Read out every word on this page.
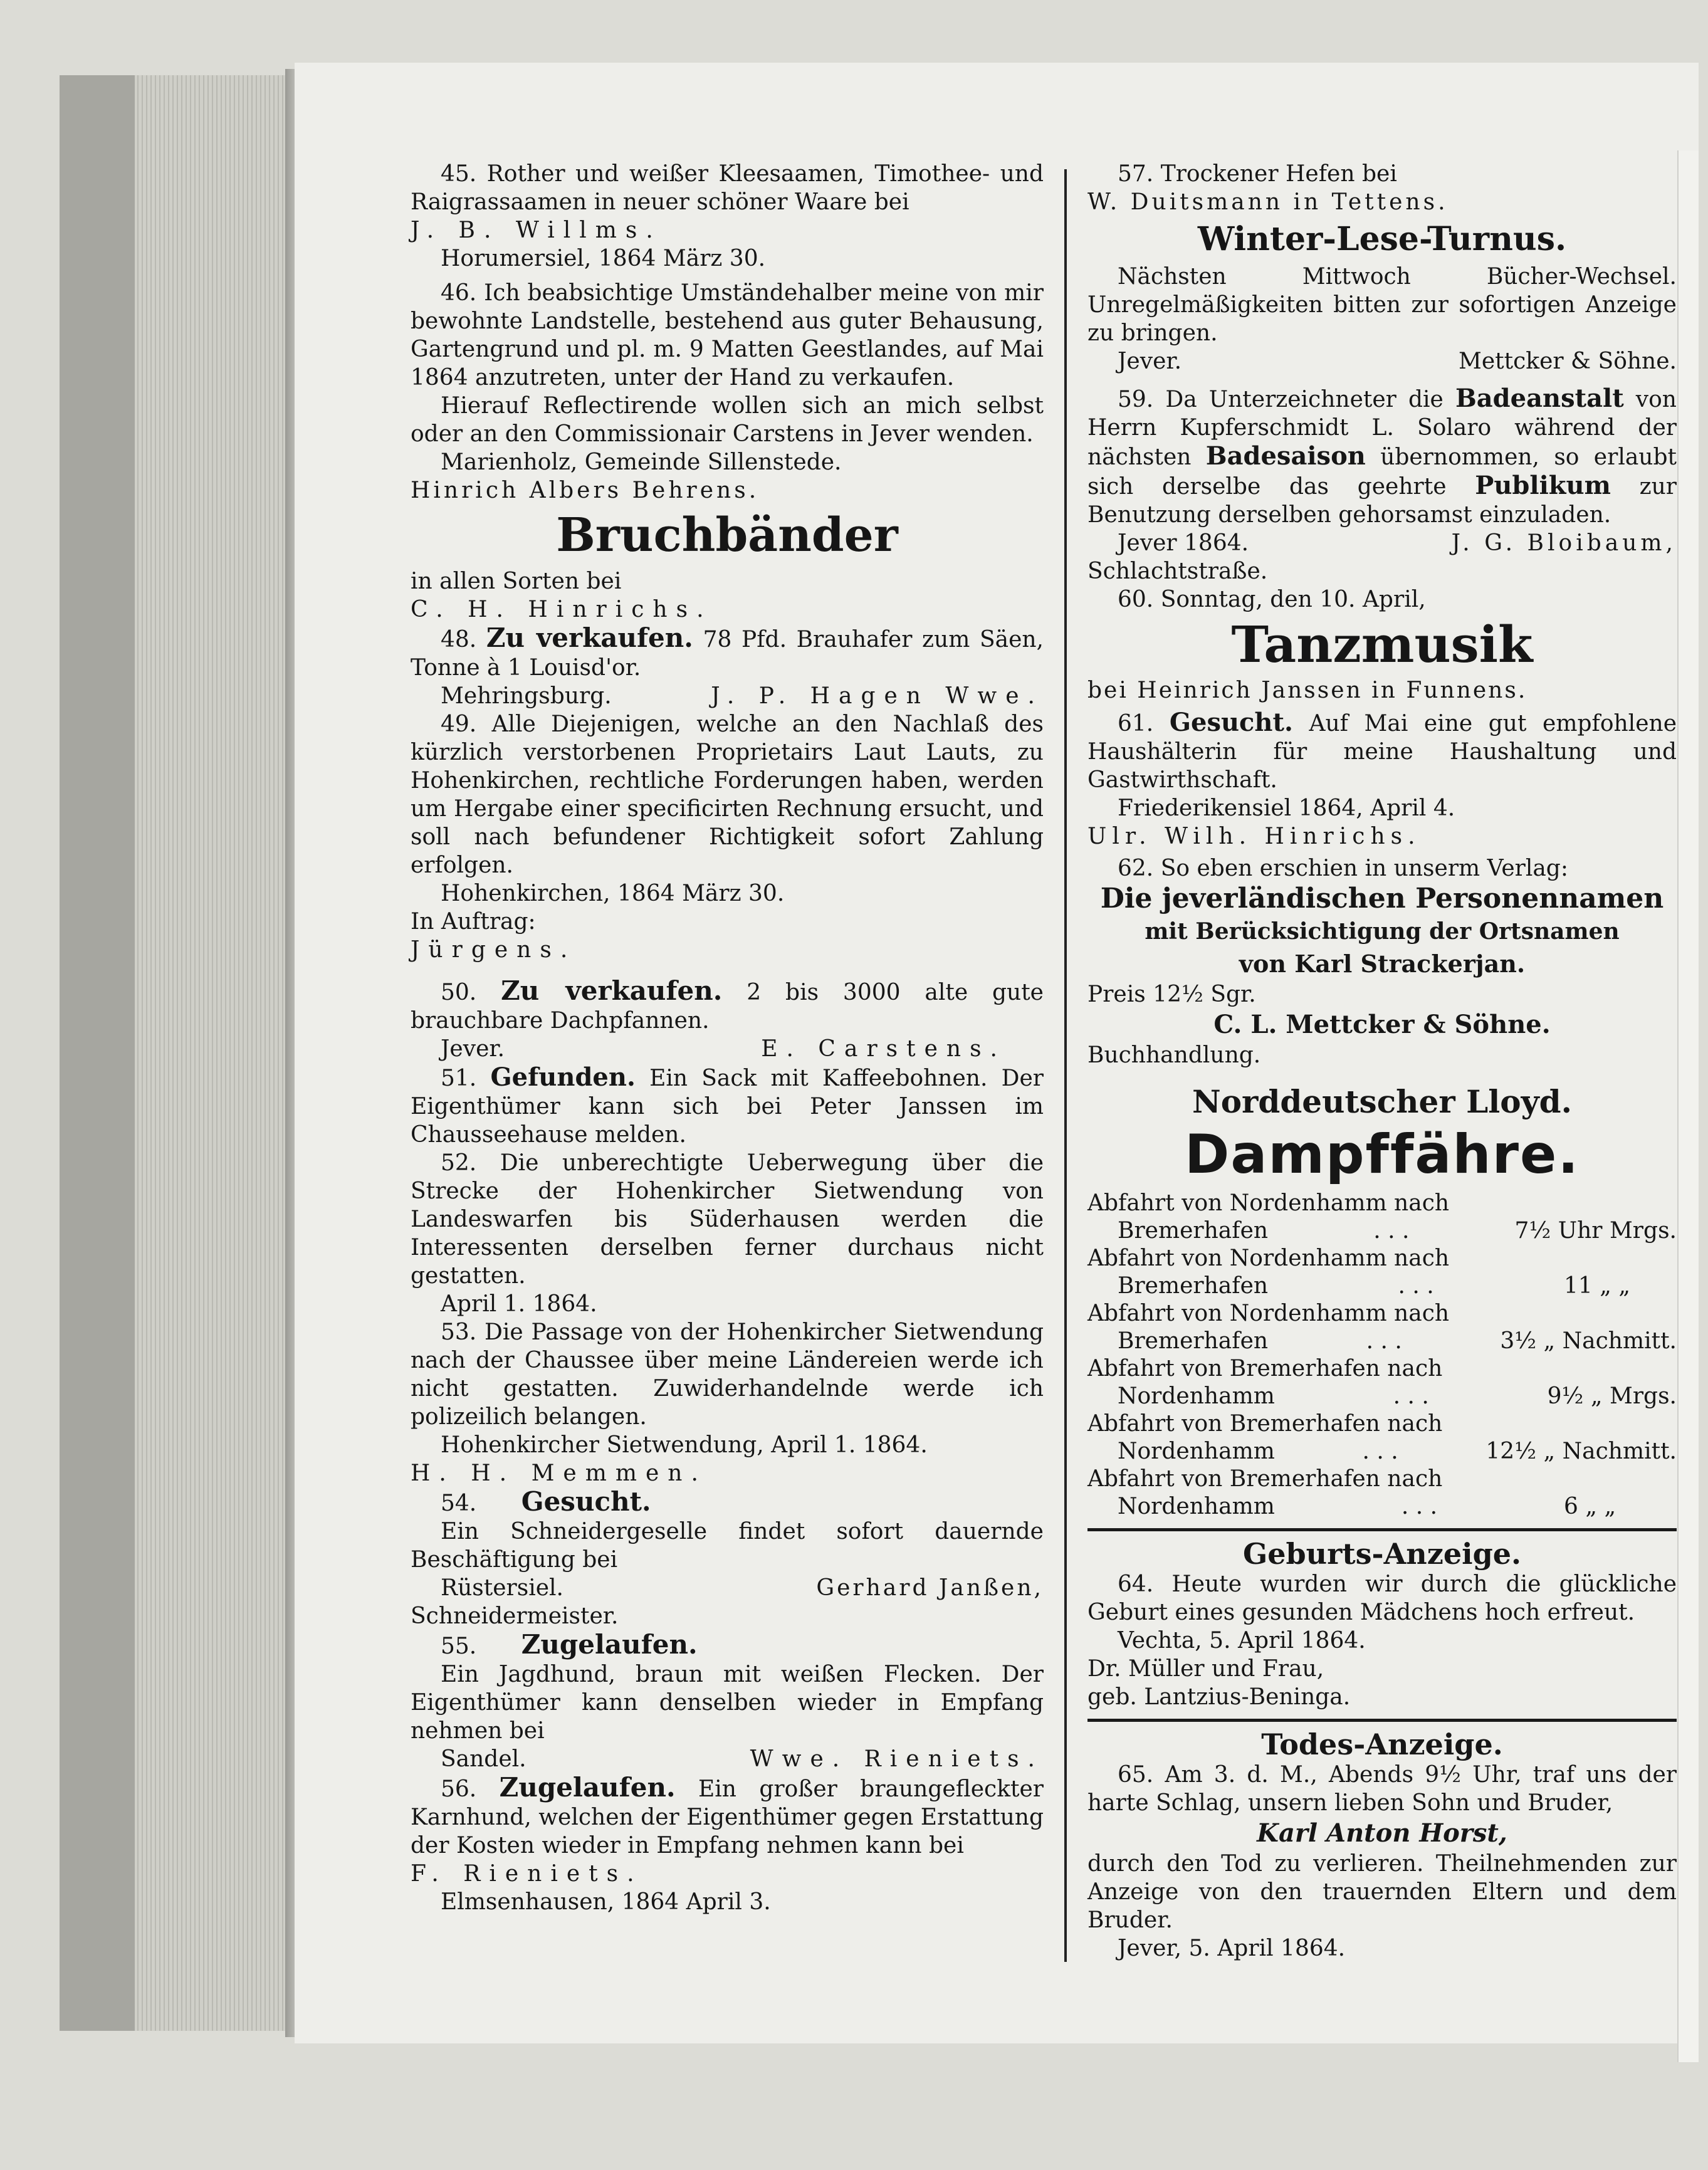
45. Rother und weißer Kleesaamen, Timothee- und Raigrassaamen in neuer schöner Waare bei

J. B. Willms.

Horumersiel, 1864 März 30.

46. Ich beabsichtige Umständehalber meine von mir bewohnte Landstelle, bestehend aus guter Behausung, Gartengrund und pl. m. 9 Matten Geestlandes, auf Mai 1864 anzutreten, unter der Hand zu verkaufen.

Hierauf Reflectirende wollen sich an mich selbst oder an den Commissionair Carstens in Jever wenden.

Marienholz, Gemeinde Sillenstede.

Hinrich Albers Behrens.

Bruchbänder

in allen Sorten bei

C. H. Hinrichs.

48. Zu verkaufen. 78 Pfd. Brauhafer zum Säen, Tonne à 1 Louisd'or.

Mehringsburg.	J. P. Hagen Wwe.

49. Alle Diejenigen, welche an den Nachlaß des kürzlich verstorbenen Proprietairs Laut Lauts, zu Hohenkirchen, rechtliche Forderungen haben, werden um Hergabe einer specificirten Rechnung ersucht, und soll nach befundener Richtigkeit sofort Zahlung erfolgen.

Hohenkirchen, 1864 März 30.

In Auftrag:

Jürgens.

50. Zu verkaufen. 2 bis 3000 alte gute brauchbare Dachpfannen.

Jever.	E. Carstens.

51. Gefunden. Ein Sack mit Kaffeebohnen. Der Eigenthümer kann sich bei Peter Janssen im Chausseehause melden.

52. Die unberechtigte Ueberwegung über die Strecke der Hohenkircher Sietwendung von Landeswarfen bis Süderhausen werden die Interessenten derselben ferner durchaus nicht gestatten.

April 1. 1864.

53. Die Passage von der Hohenkircher Sietwendung nach der Chaussee über meine Ländereien werde ich nicht gestatten. Zuwiderhandelnde werde ich polizeilich belangen.

Hohenkircher Sietwendung, April 1. 1864.

H. H. Memmen.

54. Gesucht.

Ein Schneidergeselle findet sofort dauernde Beschäftigung bei

Rüstersiel.	Gerhard Janßen,

Schneidermeister.

55. Zugelaufen.

Ein Jagdhund, braun mit weißen Flecken. Der Eigenthümer kann denselben wieder in Empfang nehmen bei

Sandel.	Wwe. Rieniets.

56. Zugelaufen. Ein großer braungefleckter Karnhund, welchen der Eigenthümer gegen Erstattung der Kosten wieder in Empfang nehmen kann bei

F. Rieniets.

Elmsenhausen, 1864 April 3.

57. Trockener Hefen bei

W. Duitsmann in Tettens.

Winter-Lese-Turnus.

Nächsten Mittwoch Bücher-Wechsel. Unregelmäßigkeiten bitten zur sofortigen Anzeige zu bringen.

Jever.	Mettcker & Söhne.

59. Da Unterzeichneter die Badeanstalt von Herrn Kupferschmidt L. Solaro während der nächsten Badesaison übernommen, so erlaubt sich derselbe das geehrte Publikum zur Benutzung derselben gehorsamst einzuladen.

Jever 1864.	J. G. Bloibaum,

Schlachtstraße.

60. Sonntag, den 10. April,

Tanzmusik

bei Heinrich Janssen in Funnens.

61. Gesucht. Auf Mai eine gut empfohlene Haushälterin für meine Haushaltung und Gastwirthschaft.

Friederikensiel 1864, April 4.

Ulr. Wilh. Hinrichs.

62. So eben erschien in unserm Verlag:

Die jeverländischen Personennamen

mit Berücksichtigung der Ortsnamen

von Karl Strackerjan.

Preis 12½ Sgr.

C. L. Mettcker & Söhne.

Buchhandlung.

Norddeutscher Lloyd.

Dampffähre.

Abfahrt von Nordenhamm nach
Bremerhafen	. . .	7½ Uhr Mrgs.
Abfahrt von Nordenhamm nach
Bremerhafen	. . .	11 „ „
Abfahrt von Nordenhamm nach
Bremerhafen	. . .	3½ „ Nachmitt.
Abfahrt von Bremerhafen nach
Nordenhamm	. . .	9½ „ Mrgs.
Abfahrt von Bremerhafen nach
Nordenhamm	. . .	12½ „ Nachmitt.
Abfahrt von Bremerhafen nach
Nordenhamm	. . .	6 „ „

Geburts-Anzeige.

64. Heute wurden wir durch die glückliche Geburt eines gesunden Mädchens hoch erfreut.

Vechta, 5. April 1864.

Dr. Müller und Frau,

geb. Lantzius-Beninga.

Todes-Anzeige.

65. Am 3. d. M., Abends 9½ Uhr, traf uns der harte Schlag, unsern lieben Sohn und Bruder,

Karl Anton Horst,

durch den Tod zu verlieren. Theilnehmenden zur Anzeige von den trauernden Eltern und dem Bruder.

Jever, 5. April 1864.
